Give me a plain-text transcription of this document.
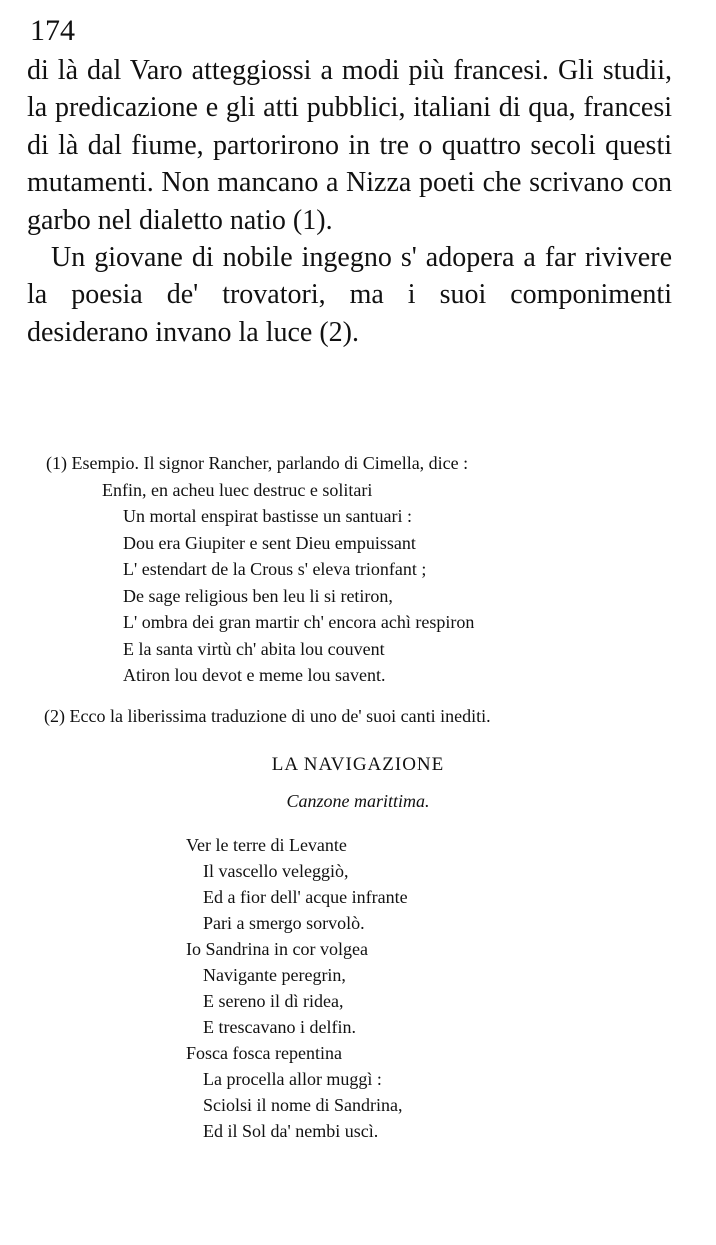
174

di là dal Varo atteggiossi a modi più francesi. Gli studii, la predicazione e gli atti pubblici, italiani di qua, francesi di là dal fiume, partorirono in tre o quattro secoli questi mutamenti. Non mancano a Nizza poeti che scrivano con garbo nel dialetto natio (1).

Un giovane di nobile ingegno s' adopera a far rivivere la poesia de' trovatori, ma i suoi componimenti desiderano invano la luce (2).

(1) Esempio. Il signor Rancher, parlando di Cimella, dice :
Enfin, en acheu luec destruc e solitari
Un mortal enspirat bastisse un santuari :
Dou era Giupiter e sent Dieu empuissant
L' estendart de la Crous s' eleva trionfant ;
De sage religious ben leu li si retiron,
L' ombra dei gran martir ch' encora achì respiron
E la santa virtù ch' abita lou couvent
Atiron lou devot e meme lou savent.
(2) Ecco la liberissima traduzione di uno de' suoi canti inediti.
LA NAVIGAZIONE
Canzone marittima.
Ver le terre di Levante
Il vascello veleggiò,
Ed a fior dell' acque infrante
Pari a smergo sorvolò.
Io Sandrina in cor volgea
Navigante peregrin,
E sereno il dì ridea,
E trescavano i delfin.
Fosca fosca repentina
La procella allor muggì :
Sciolsi il nome di Sandrina,
Ed il Sol da' nembi uscì.
